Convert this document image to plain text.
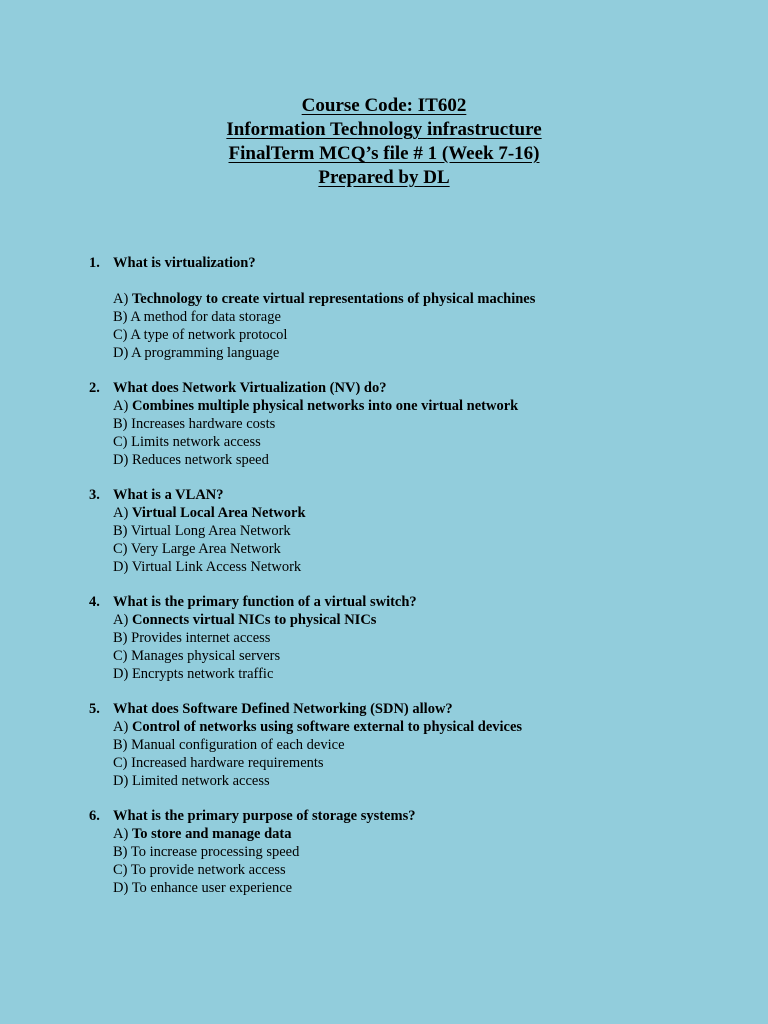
Course Code: IT602
Information Technology infrastructure
FinalTerm MCQ’s file # 1 (Week 7-16)
Prepared by DL
1. What is virtualization?
A) Technology to create virtual representations of physical machines
B) A method for data storage
C) A type of network protocol
D) A programming language
2. What does Network Virtualization (NV) do?
A) Combines multiple physical networks into one virtual network
B) Increases hardware costs
C) Limits network access
D) Reduces network speed
3. What is a VLAN?
A) Virtual Local Area Network
B) Virtual Long Area Network
C) Very Large Area Network
D) Virtual Link Access Network
4. What is the primary function of a virtual switch?
A) Connects virtual NICs to physical NICs
B) Provides internet access
C) Manages physical servers
D) Encrypts network traffic
5. What does Software Defined Networking (SDN) allow?
A) Control of networks using software external to physical devices
B) Manual configuration of each device
C) Increased hardware requirements
D) Limited network access
6. What is the primary purpose of storage systems?
A) To store and manage data
B) To increase processing speed
C) To provide network access
D) To enhance user experience
